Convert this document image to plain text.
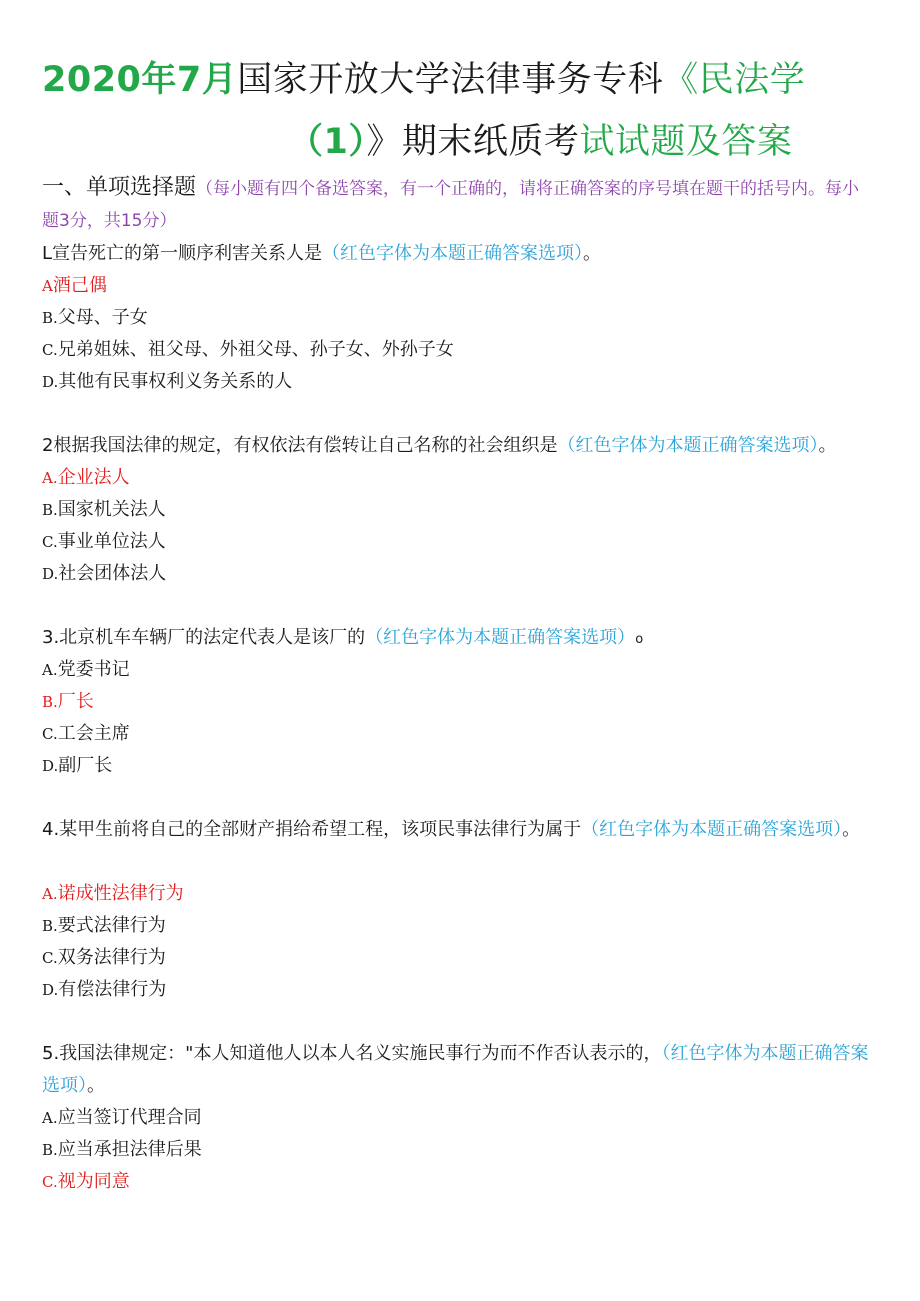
2020年7月国家开放大学法律事务专科《民法学
（1）》期末纸质考试试题及答案
一、单项选择题（每小题有四个备选答案，有一个正确的，请将正确答案的序号填在题干的括号内。每小题3分，共15分）
L宣告死亡的第一顺序利害关系人是（红色字体为本题正确答案选项）。
A酒己偶
B.父母、子女
C.兄弟姐妹、祖父母、外祖父母、孙子女、外孙子女
D.其他有民事权利义务关系的人
2根据我国法律的规定，有权依法有偿转让自己名称的社会组织是（红色字体为本题正确答案选项）。
A.企业法人
B.国家机关法人
C.事业单位法人
D.社会团体法人
3.北京机车车辆厂的法定代表人是该厂的（红色字体为本题正确答案选项）o
A.党委书记
B.厂长
C.工会主席
D.副厂长
4.某甲生前将自己的全部财产捐给希望工程，该项民事法律行为属于（红色字体为本题正确答案选项）。
A.诺成性法律行为
B.要式法律行为
C.双务法律行为
D.有偿法律行为
5.我国法律规定："本人知道他人以本人名义实施民事行为而不作否认表示的，（红色字体为本题正确答案选项）。
A.应当签订代理合同
B.应当承担法律后果
C.视为同意
